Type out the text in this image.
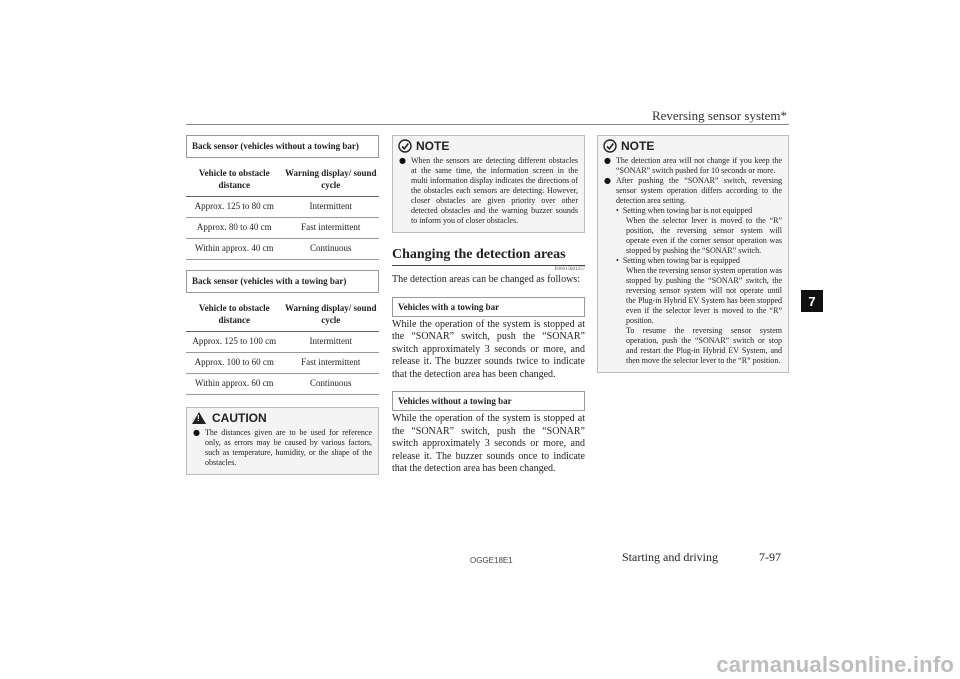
Reversing sensor system*
7
Back sensor (vehicles without a towing bar)
Vehicle to obstacle distance	Warning display/ sound cycle
Approx. 125 to 80 cm	Intermittent
Approx. 80 to 40 cm	Fast intermittent
Within approx. 40 cm	Continuous
Back sensor (vehicles with a towing bar)
Vehicle to obstacle distance	Warning display/ sound cycle
Approx. 125 to 100 cm	Intermittent
Approx. 100 to 60 cm	Fast intermittent
Within approx. 60 cm	Continuous
! CAUTION
● The distances given are to be used for reference only, as errors may be caused by various factors, such as temperature, humidity, or the shape of the obstacles.
NOTE
● When the sensors are detecting different obstacles at the same time, the information screen in the multi information display indicates the directions of the obstacles each sensors are detecting. However, closer obstacles are given priority over other detected obstacles and the warning buzzer sounds to inform you of closer obstacles.
Changing the detection areas
E00615801257
The detection areas can be changed as follows:
Vehicles with a towing bar
While the operation of the system is stopped at the “SONAR” switch, push the “SONAR” switch approximately 3 seconds or more, and release it. The buzzer sounds twice to indicate that the detection area has been changed.
Vehicles without a towing bar
While the operation of the system is stopped at the “SONAR” switch, push the “SONAR” switch approximately 3 seconds or more, and release it. The buzzer sounds once to indicate that the detection area has been changed.
NOTE
● The detection area will not change if you keep the “SONAR” switch pushed for 10 seconds or more.
● After pushing the “SONAR” switch, reversing sensor system operation differs according to the detection area setting.
• Setting when towing bar is not equipped
When the selector lever is moved to the “R” position, the reversing sensor system will operate even if the corner sensor operation was stopped by pushing the “SONAR” switch.
• Setting when towing bar is equipped
When the reversing sensor system operation was stopped by pushing the “SONAR” switch, the reversing sensor system will not operate until the Plug-in Hybrid EV System has been stopped even if the selector lever is moved to the “R” position.
To resume the reversing sensor system operation, push the “SONAR” switch or stop and restart the Plug-in Hybrid EV System, and then move the selector lever to the “R” position.
OGGE18E1	Starting and driving	7-97
carmanualsonline.info
